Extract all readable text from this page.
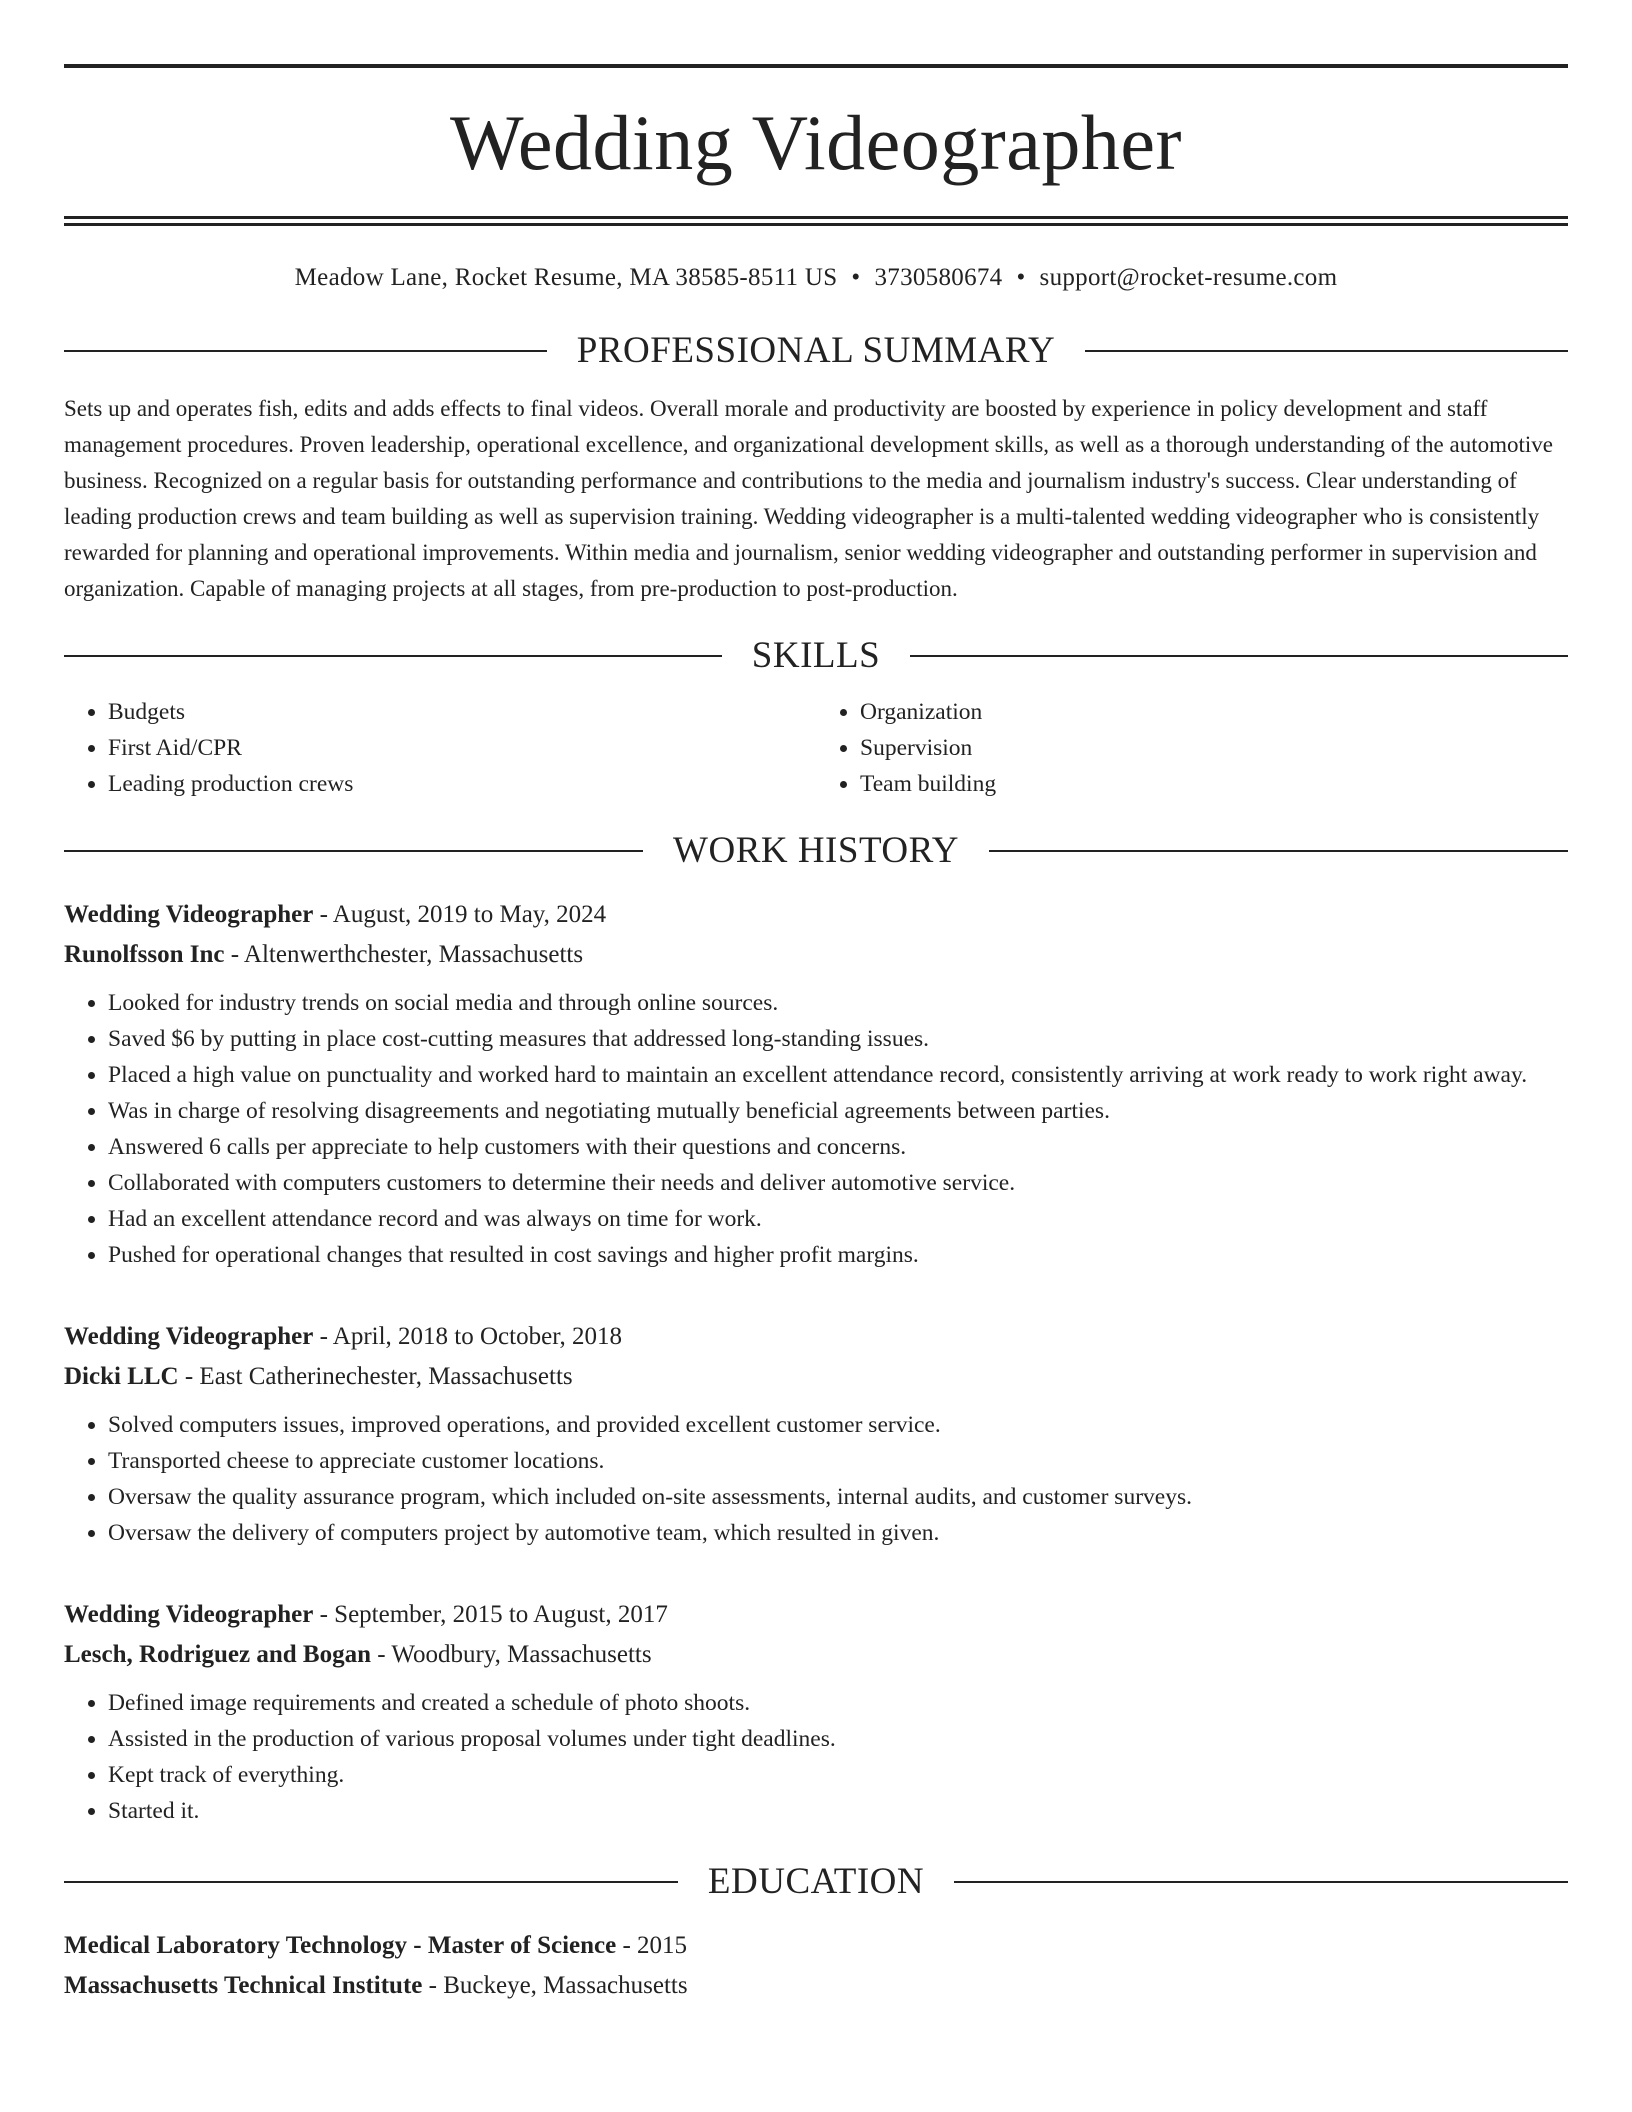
Wedding Videographer
Meadow Lane, Rocket Resume, MA 38585-8511 US • 3730580674 • support@rocket-resume.com
PROFESSIONAL SUMMARY

Sets up and operates fish, edits and adds effects to final videos. Overall morale and productivity are boosted by experience in policy development and staff management procedures. Proven leadership, operational excellence, and organizational development skills, as well as a thorough understanding of the automotive business. Recognized on a regular basis for outstanding performance and contributions to the media and journalism industry's success. Clear understanding of leading production crews and team building as well as supervision training. Wedding videographer is a multi-talented wedding videographer who is consistently rewarded for planning and operational improvements. Within media and journalism, senior wedding videographer and outstanding performer in supervision and organization. Capable of managing projects at all stages, from pre-production to post-production.

SKILLS
• Budgets
• First Aid/CPR
• Leading production crews
• Organization
• Supervision
• Team building
WORK HISTORY
Wedding Videographer - August, 2019 to May, 2024
Runolfsson Inc - Altenwerthchester, Massachusetts
• Looked for industry trends on social media and through online sources.
• Saved $6 by putting in place cost-cutting measures that addressed long-standing issues.
• Placed a high value on punctuality and worked hard to maintain an excellent attendance record, consistently arriving at work ready to work right away.
• Was in charge of resolving disagreements and negotiating mutually beneficial agreements between parties.
• Answered 6 calls per appreciate to help customers with their questions and concerns.
• Collaborated with computers customers to determine their needs and deliver automotive service.
• Had an excellent attendance record and was always on time for work.
• Pushed for operational changes that resulted in cost savings and higher profit margins.
Wedding Videographer - April, 2018 to October, 2018
Dicki LLC - East Catherinechester, Massachusetts
• Solved computers issues, improved operations, and provided excellent customer service.
• Transported cheese to appreciate customer locations.
• Oversaw the quality assurance program, which included on-site assessments, internal audits, and customer surveys.
• Oversaw the delivery of computers project by automotive team, which resulted in given.
Wedding Videographer - September, 2015 to August, 2017
Lesch, Rodriguez and Bogan - Woodbury, Massachusetts
• Defined image requirements and created a schedule of photo shoots.
• Assisted in the production of various proposal volumes under tight deadlines.
• Kept track of everything.
• Started it.
EDUCATION
Medical Laboratory Technology - Master of Science - 2015
Massachusetts Technical Institute - Buckeye, Massachusetts
